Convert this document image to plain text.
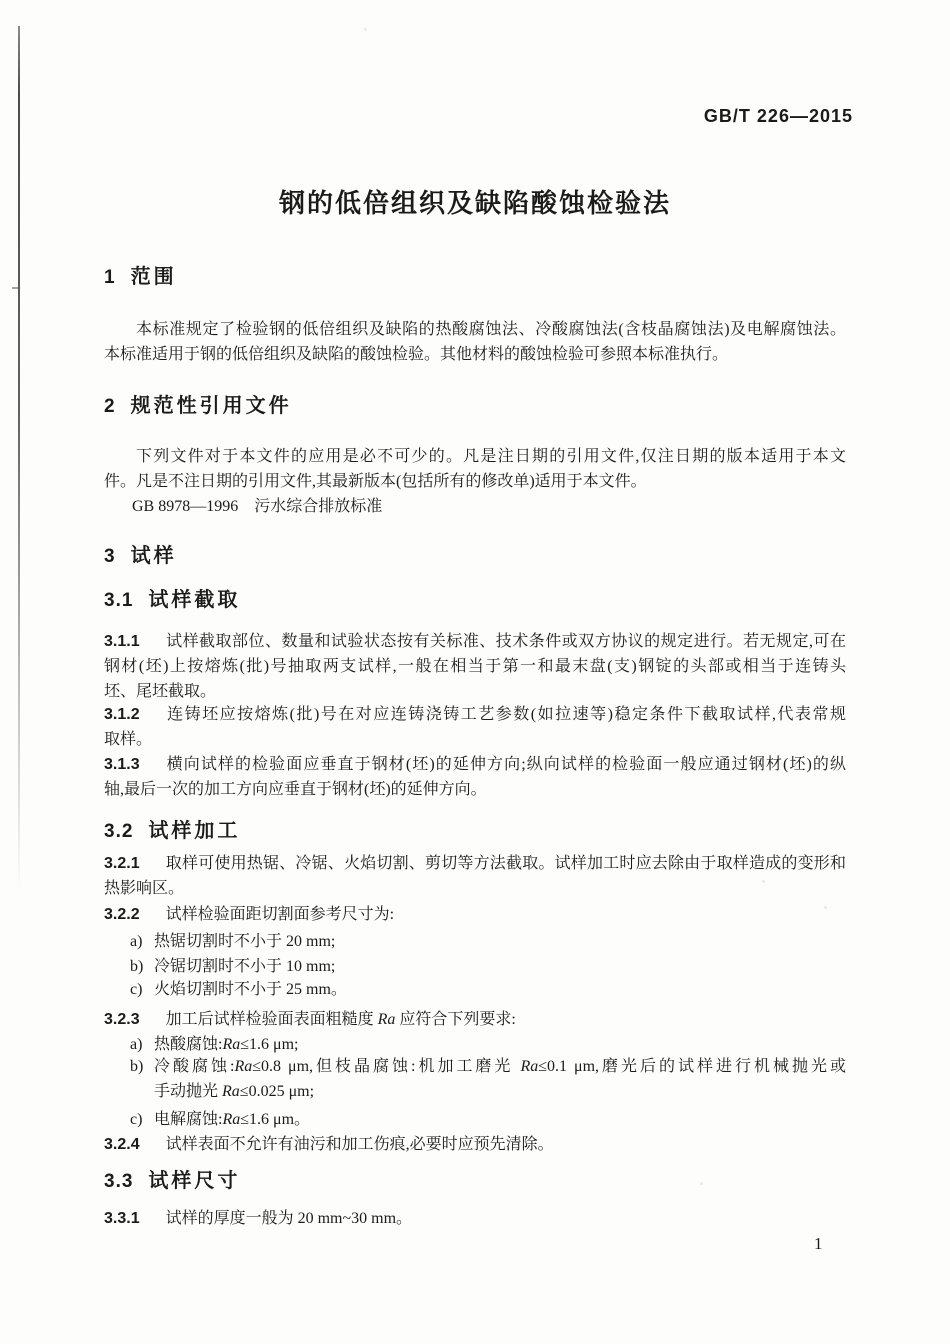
GB/T 226—2015
钢的低倍组织及缺陷酸蚀检验法
1 范围
本标准规定了检验钢的低倍组织及缺陷的热酸腐蚀法、冷酸腐蚀法(含枝晶腐蚀法)及电解腐蚀法。
本标准适用于钢的低倍组织及缺陷的酸蚀检验。其他材料的酸蚀检验可参照本标准执行。
2 规范性引用文件
下列文件对于本文件的应用是必不可少的。凡是注日期的引用文件,仅注日期的版本适用于本文
件。凡是不注日期的引用文件,其最新版本(包括所有的修改单)适用于本文件。
GB 8978—1996　污水综合排放标准
3 试样
3.1 试样截取
3.1.1 试样截取部位、数量和试验状态按有关标准、技术条件或双方协议的规定进行。若无规定,可在
钢材(坯)上按熔炼(批)号抽取两支试样,一般在相当于第一和最末盘(支)钢锭的头部或相当于连铸头
坯、尾坯截取。
3.1.2 连铸坯应按熔炼(批)号在对应连铸浇铸工艺参数(如拉速等)稳定条件下截取试样,代表常规
取样。
3.1.3 横向试样的检验面应垂直于钢材(坯)的延伸方向;纵向试样的检验面一般应通过钢材(坯)的纵
轴,最后一次的加工方向应垂直于钢材(坯)的延伸方向。
3.2 试样加工
3.2.1 取样可使用热锯、冷锯、火焰切割、剪切等方法截取。试样加工时应去除由于取样造成的变形和
热影响区。
3.2.2 试样检验面距切割面参考尺寸为:
a) 热锯切割时不小于 20 mm;
b) 冷锯切割时不小于 10 mm;
c) 火焰切割时不小于 25 mm。
3.2.3 加工后试样检验面表面粗糙度 Ra 应符合下列要求:
a) 热酸腐蚀:Ra≤1.6 μm;
b) 冷酸腐蚀:Ra≤0.8 μm,但枝晶腐蚀:机加工磨光 Ra≤0.1 μm,磨光后的试样进行机械抛光或
手动抛光 Ra≤0.025 μm;
c) 电解腐蚀:Ra≤1.6 μm。
3.2.4 试样表面不允许有油污和加工伤痕,必要时应预先清除。
3.3 试样尺寸
3.3.1 试样的厚度一般为 20 mm~30 mm。
1
